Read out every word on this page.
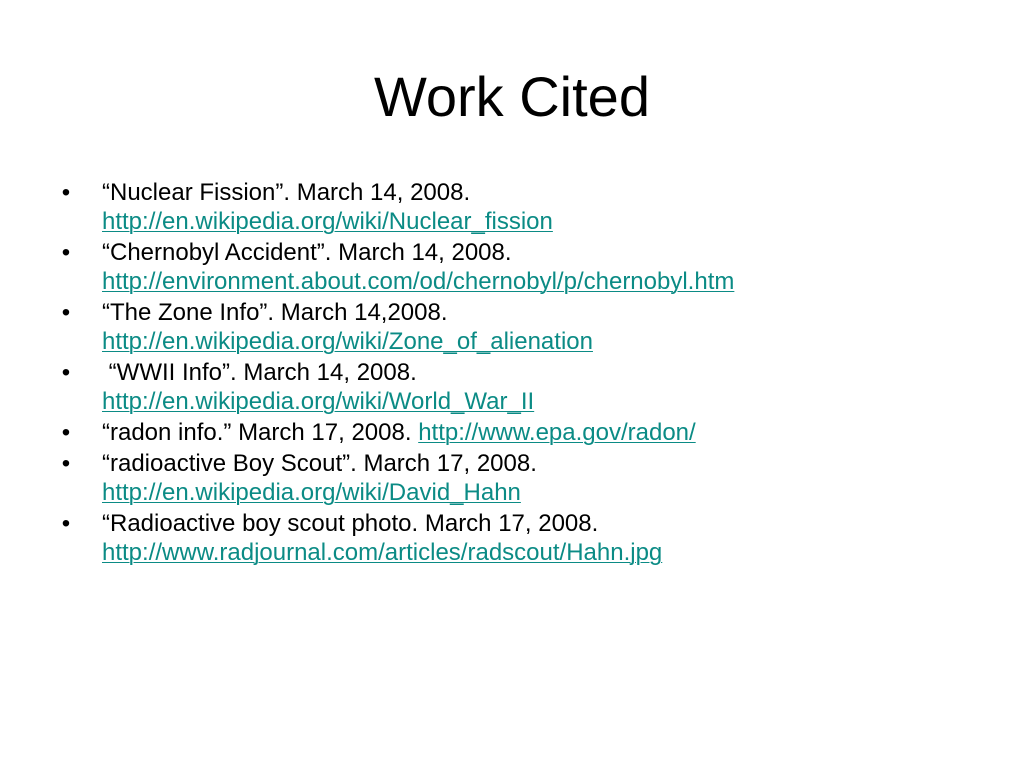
Work Cited
• “Nuclear Fission”. March 14, 2008.
http://en.wikipedia.org/wiki/Nuclear_fission
• “Chernobyl Accident”. March 14, 2008.
http://environment.about.com/od/chernobyl/p/chernobyl.htm
• “The Zone Info”. March 14,2008.
http://en.wikipedia.org/wiki/Zone_of_alienation
• “WWII Info”. March 14, 2008.
http://en.wikipedia.org/wiki/World_War_II
• “radon info.” March 17, 2008. http://www.epa.gov/radon/
• “radioactive Boy Scout”. March 17, 2008.
http://en.wikipedia.org/wiki/David_Hahn
• “Radioactive boy scout photo. March 17, 2008.
http://www.radjournal.com/articles/radscout/Hahn.jpg
